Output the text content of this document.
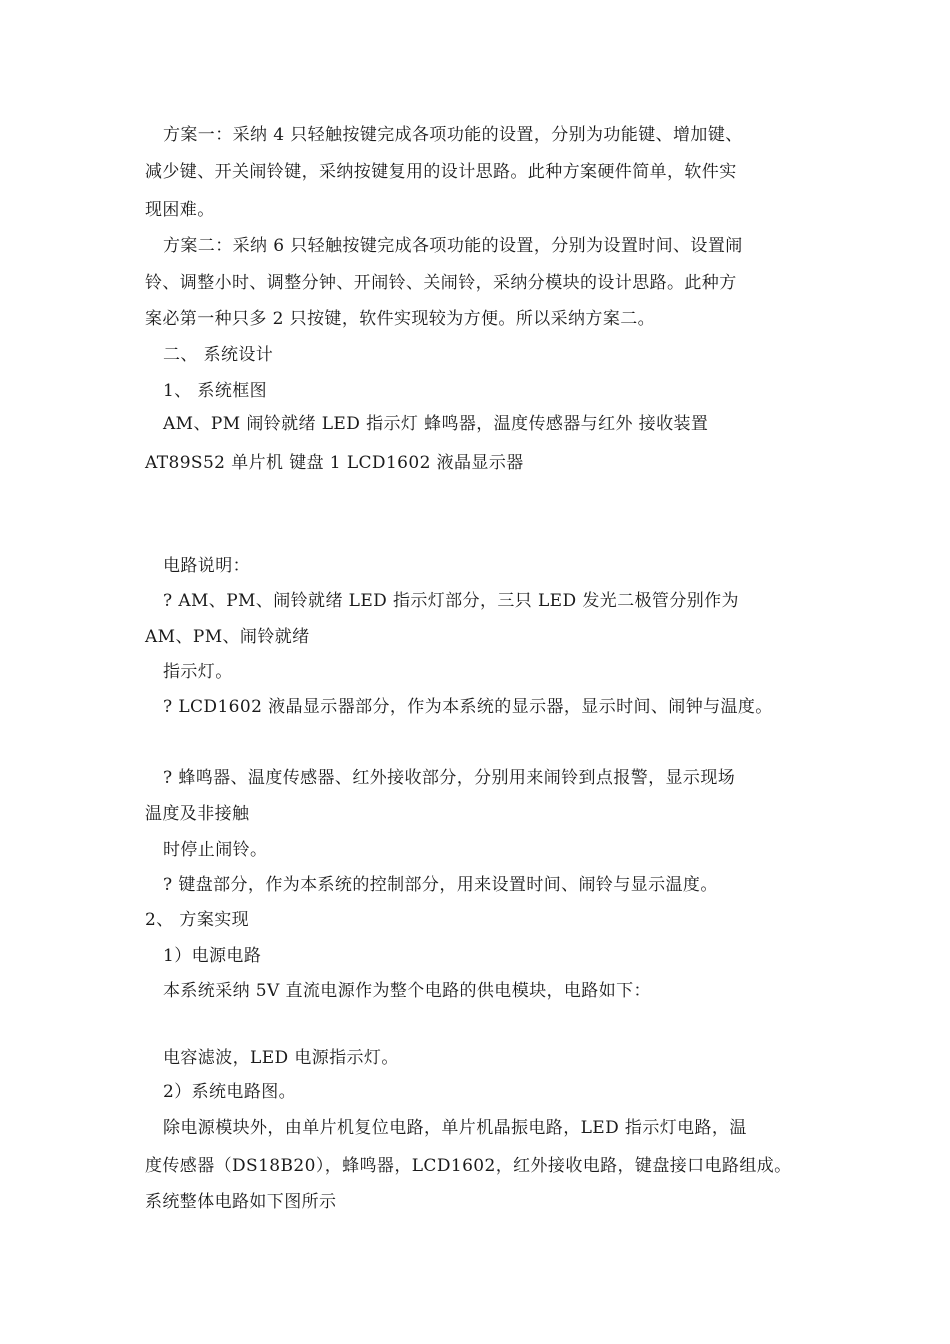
方案一：采纳 4 只轻触按键完成各项功能的设置，分别为功能键、增加键、
减少键、开关闹铃键，采纳按键复用的设计思路。此种方案硬件简单，软件实
现困难。
方案二：采纳 6 只轻触按键完成各项功能的设置，分别为设置时间、设置闹
铃、调整小时、调整分钟、开闹铃、关闹铃，采纳分模块的设计思路。此种方
案必第一种只多 2 只按键，软件实现较为方便。所以采纳方案二。
二、 系统设计
1、 系统框图
AM、PM 闹铃就绪 LED 指示灯 蜂鸣器，温度传感器与红外 接收装置
AT89S52 单片机 键盘 1 LCD1602 液晶显示器
电路说明：
? AM、PM、闹铃就绪 LED 指示灯部分，三只 LED 发光二极管分别作为
AM、PM、闹铃就绪
指示灯。
? LCD1602 液晶显示器部分，作为本系统的显示器，显示时间、闹钟与温度。
? 蜂鸣器、温度传感器、红外接收部分，分别用来闹铃到点报警，显示现场
温度及非接触
时停止闹铃。
? 键盘部分，作为本系统的控制部分，用来设置时间、闹铃与显示温度。
2、 方案实现
1）电源电路
本系统采纳 5V 直流电源作为整个电路的供电模块，电路如下：
电容滤波，LED 电源指示灯。
2）系统电路图。
除电源模块外，由单片机复位电路，单片机晶振电路，LED 指示灯电路，温
度传感器（DS18B20），蜂鸣器，LCD1602，红外接收电路，键盘接口电路组成。
系统整体电路如下图所示
